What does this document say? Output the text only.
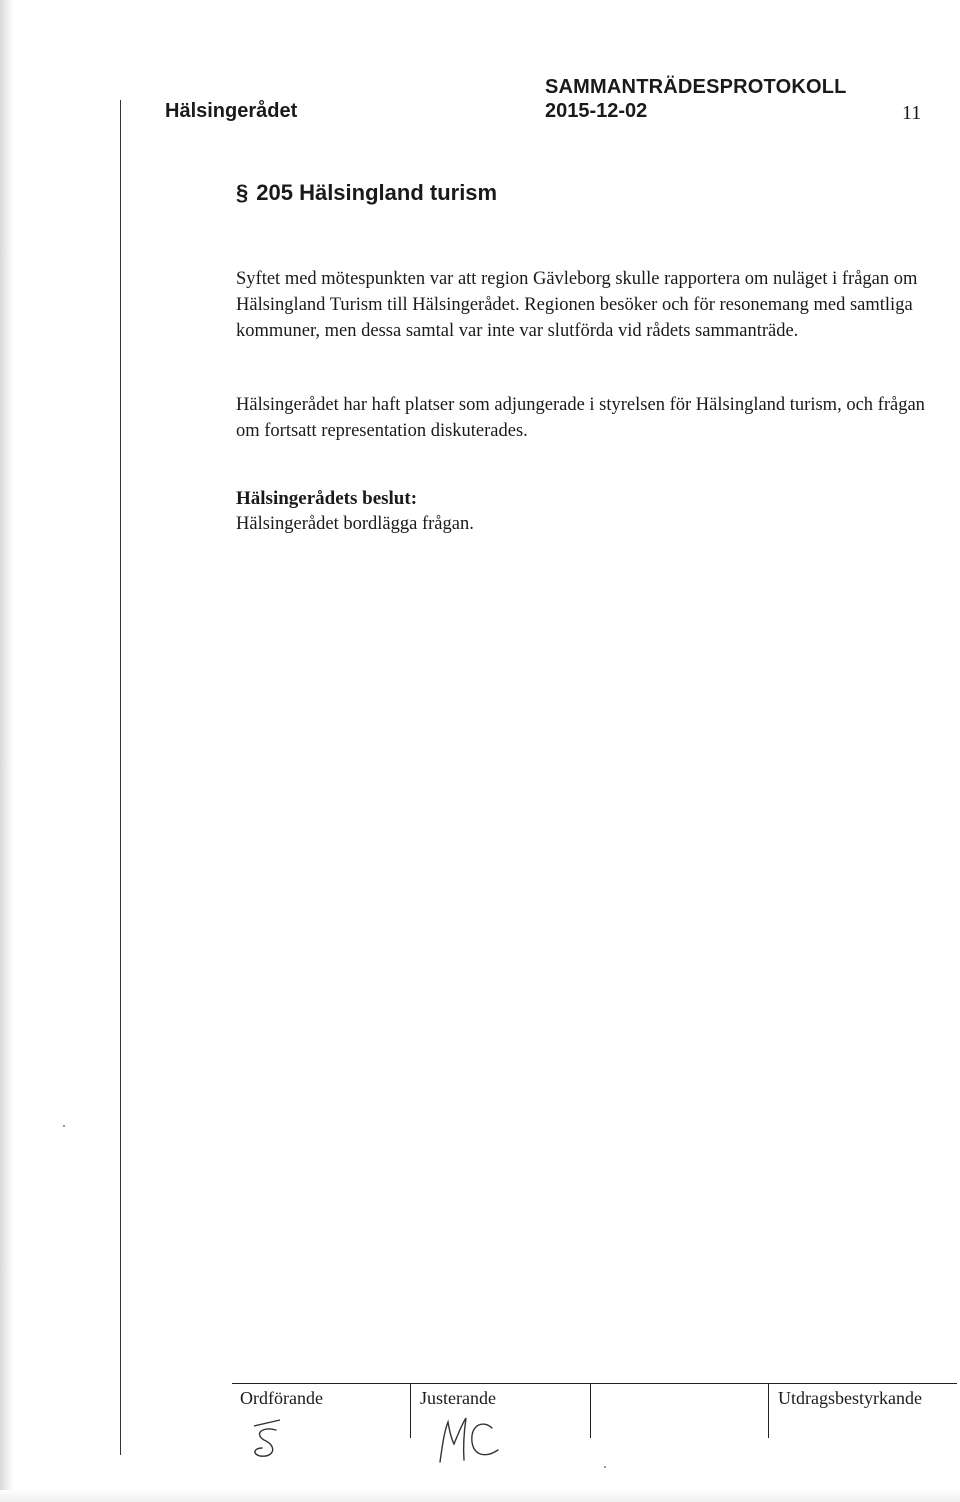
Hälsingerådet
SAMMANTRÄDESPROTOKOLL
2015-12-02	11
§ 205 Hälsingland turism
Syftet med mötespunkten var att region Gävleborg skulle rapportera om nuläget i frågan om Hälsingland Turism till Hälsingerådet. Regionen besöker och för resonemang med samtliga kommuner, men dessa samtal var inte var slutförda vid rådets sammanträde.
Hälsingerådet har haft platser som adjungerade i styrelsen för Hälsingland turism, och frågan om fortsatt representation diskuterades.
Hälsingerådets beslut:
Hälsingerådet bordlägga frågan.
Ordförande	Justerande	Utdragsbestyrkande
